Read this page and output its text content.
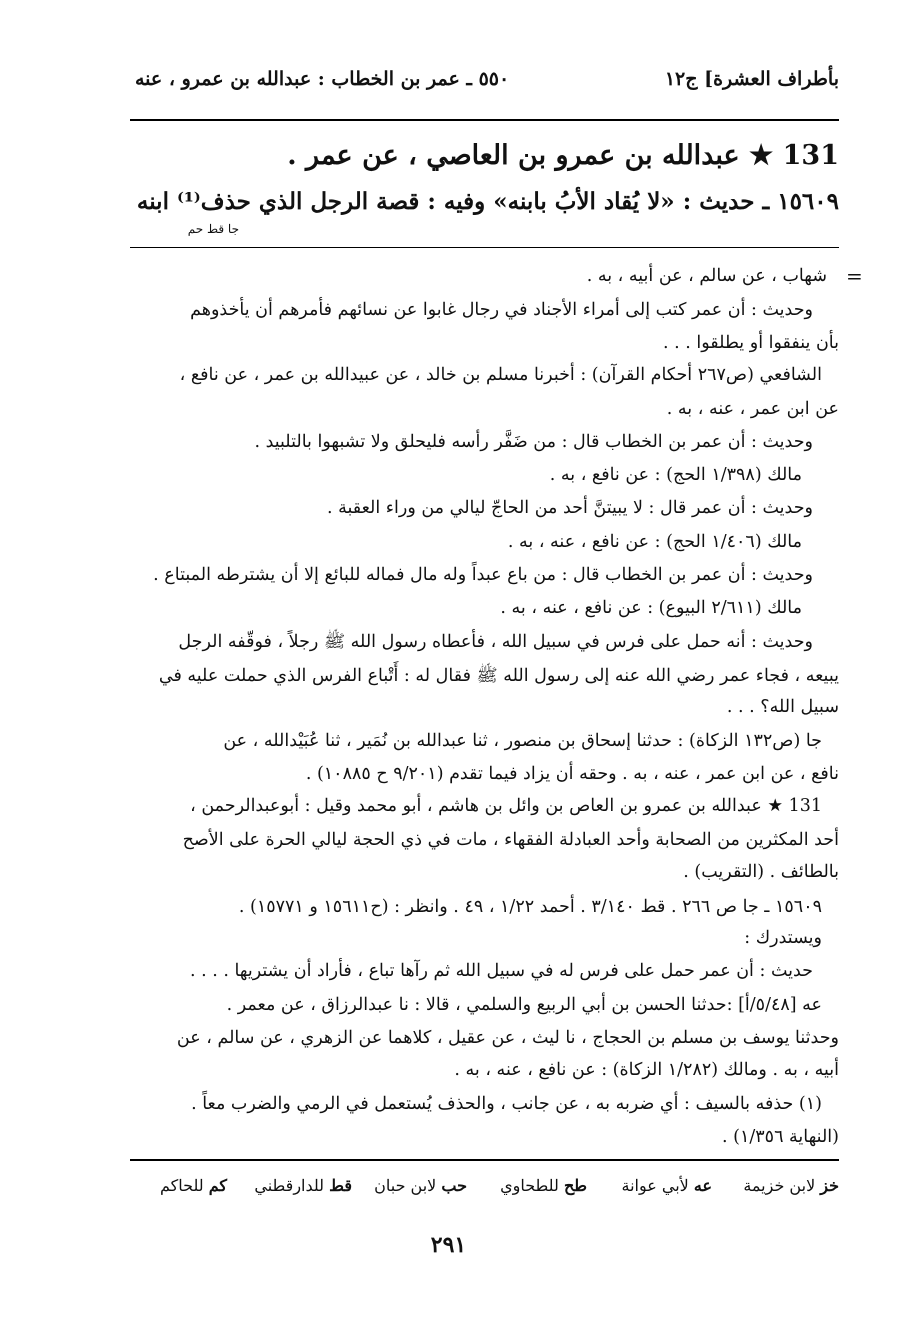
بأطراف العشرة] ج١٢
٥٥٠ ـ عمر بن الخطاب : عبدالله بن عمرو ، عنه
131 ★ عبدالله بن عمرو بن العاصي ، عن عمر .
١٥٦٠٩ ـ حديث : «لا يُقاد الأبُ بابنه» وفيه : قصة الرجل الذي حذف⁽¹⁾ ابنه
جا قط حم
=
شهاب ، عن سالم ، عن أبيه ، به .
وحديث : أن عمر كتب إلى أمراء الأجناد في رجال غابوا عن نسائهم فأمرهم أن يأخذوهم
بأن ينفقوا أو يطلقوا . . .
الشافعي (ص٢٦٧ أحكام القرآن) : أخبرنا مسلم بن خالد ، عن عبيدالله بن عمر ، عن نافع ،
عن ابن عمر ، عنه ، به .
وحديث : أن عمر بن الخطاب قال : من ضَفَّر رأسه فليحلق ولا تشبهوا بالتلبيد .
مالك (١/٣٩٨ الحج) : عن نافع ، به .
وحديث : أن عمر قال : لا يبيتنَّ أحد من الحاجّ ليالي من وراء العقبة .
مالك (١/٤٠٦ الحج) : عن نافع ، عنه ، به .
وحديث : أن عمر بن الخطاب قال : من باع عبداً وله مال فماله للبائع إلا أن يشترطه المبتاع .
مالك (٢/٦١١ البيوع) : عن نافع ، عنه ، به .
وحديث : أنه حمل على فرس في سبيل الله ، فأعطاه رسول الله ﷺ رجلاً ، فوقّفه الرجل
يبيعه ، فجاء عمر رضي الله عنه إلى رسول الله ﷺ فقال له : أَتْباع الفرس الذي حملت عليه في
سبيل الله؟ . . .
جا (ص١٣٢ الزكاة) : حدثنا إسحاق بن منصور ، ثنا عبدالله بن نُمَير ، ثنا عُبَيْدالله ، عن
نافع ، عن ابن عمر ، عنه ، به . وحقه أن يزاد فيما تقدم (٩/٢٠١ ح ١٠٨٨٥) .
131 ★ عبدالله بن عمرو بن العاص بن وائل بن هاشم ، أبو محمد وقيل : أبوعبدالرحمن ،
أحد المكثرين من الصحابة وأحد العبادلة الفقهاء ، مات في ذي الحجة ليالي الحرة على الأصح
بالطائف . (التقريب) .
١٥٦٠٩ ـ جا ص ٢٦٦ . قط ٣/١٤٠ . أحمد ١/٢٢ ، ٤٩ . وانظر : (ح١٥٦١١ و ١٥٧٧١) .
ويستدرك :
حديث : أن عمر حمل على فرس له في سبيل الله ثم رآها تباع ، فأراد أن يشتريها . . . .
عه [٥/٤٨/أ] :حدثنا الحسن بن أبي الربيع والسلمي ، قالا : نا عبدالرزاق ، عن معمر .
وحدثنا يوسف بن مسلم بن الحجاج ، نا ليث ، عن عقيل ، كلاهما عن الزهري ، عن سالم ، عن
أبيه ، به . ومالك (١/٢٨٢ الزكاة) : عن نافع ، عنه ، به .
(١) حذفه بالسيف : أي ضربه به ، عن جانب ، والحذف يُستعمل في الرمي والضرب معاً .
(النهاية ١/٣٥٦) .
خز لابن خزيمة
عه لأبي عوانة
طح للطحاوي
حب لابن حبان
قط للدارقطني
كم للحاكم
٢٩١
